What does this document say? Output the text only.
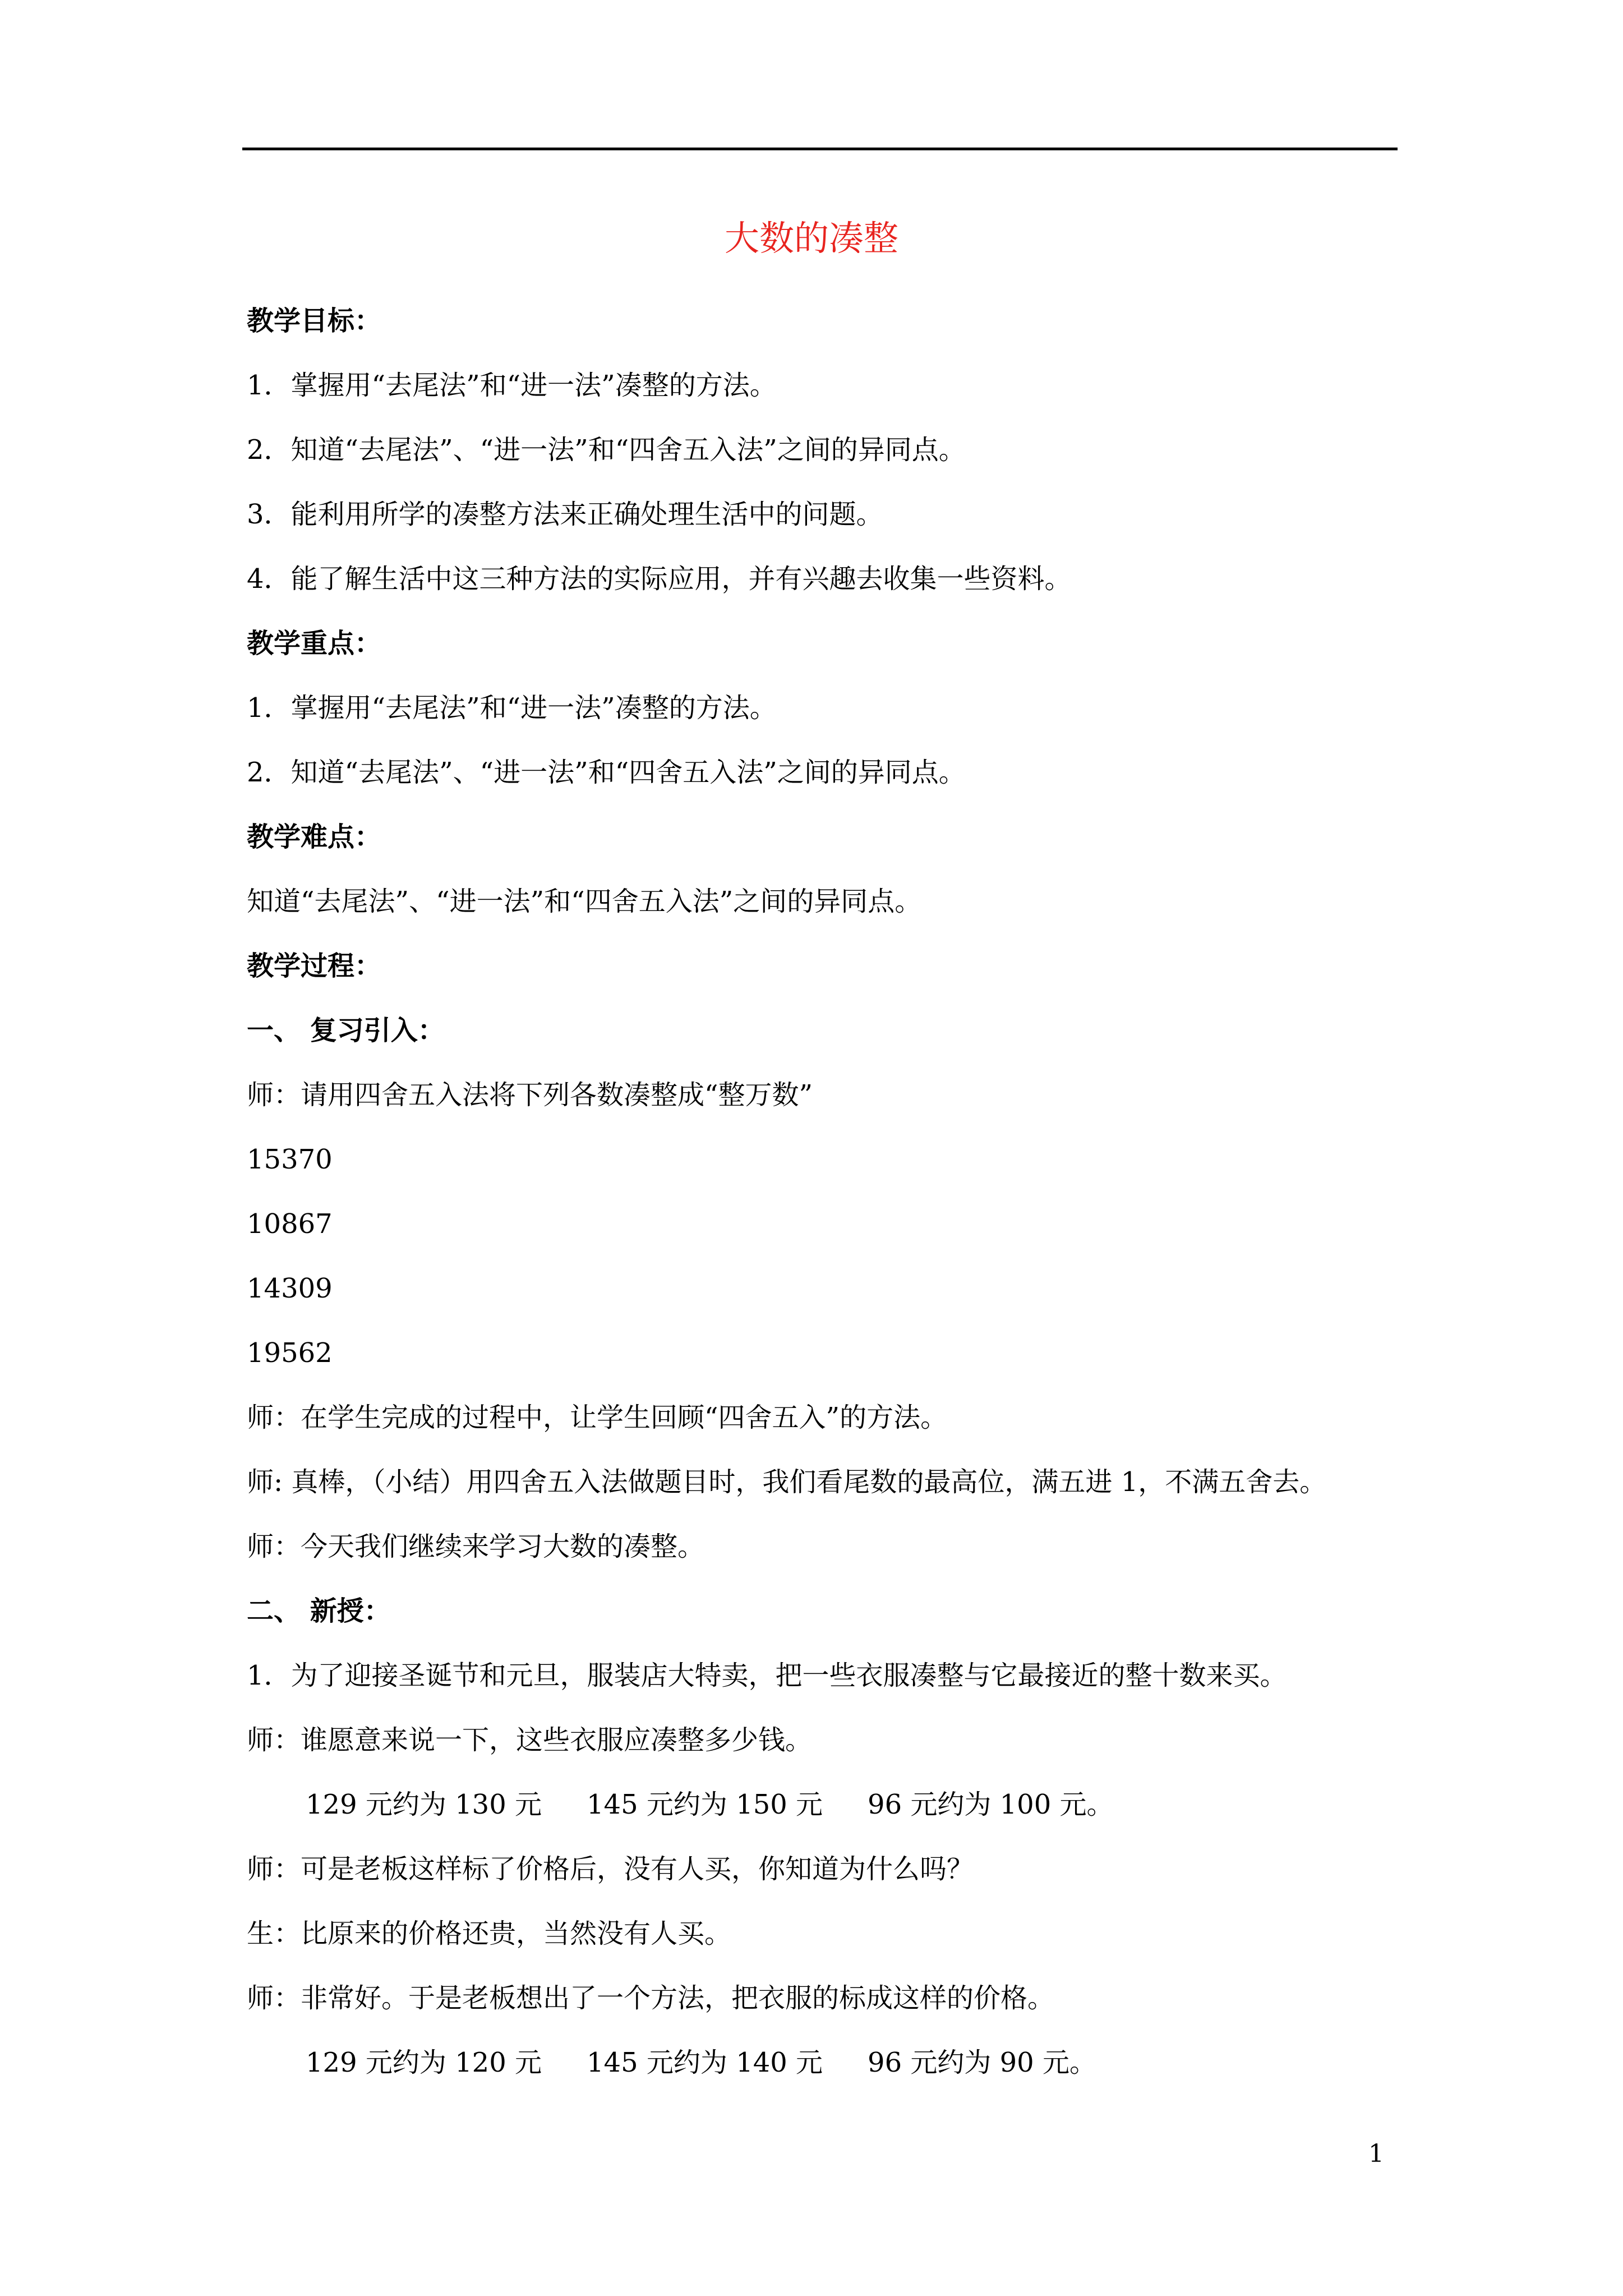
大数的凑整

教学目标：

1．掌握用“去尾法”和“进一法”凑整的方法。

2．知道“去尾法”、“进一法”和“四舍五入法”之间的异同点。

3．能利用所学的凑整方法来正确处理生活中的问题。

4．能了解生活中这三种方法的实际应用，并有兴趣去收集一些资料。

教学重点：

1．掌握用“去尾法”和“进一法”凑整的方法。

2．知道“去尾法”、“进一法”和“四舍五入法”之间的异同点。

教学难点：

知道“去尾法”、“进一法”和“四舍五入法”之间的异同点。

教学过程：

一、 复习引入：

师：请用四舍五入法将下列各数凑整成“整万数”

15370

10867

14309

19562

师：在学生完成的过程中，让学生回顾“四舍五入”的方法。

师: 真棒，（小结）用四舍五入法做题目时，我们看尾数的最高位，满五进 1，不满五舍去。

师：今天我们继续来学习大数的凑整。

二、 新授：

1．为了迎接圣诞节和元旦，服装店大特卖，把一些衣服凑整与它最接近的整十数来买。

师：谁愿意来说一下，这些衣服应凑整多少钱。

129 元约为 130 元 145 元约为 150 元 96 元约为 100 元。

师：可是老板这样标了价格后，没有人买，你知道为什么吗？

生：比原来的价格还贵，当然没有人买。

师：非常好。于是老板想出了一个方法，把衣服的标成这样的价格。

129 元约为 120 元 145 元约为 140 元 96 元约为 90 元。

1
